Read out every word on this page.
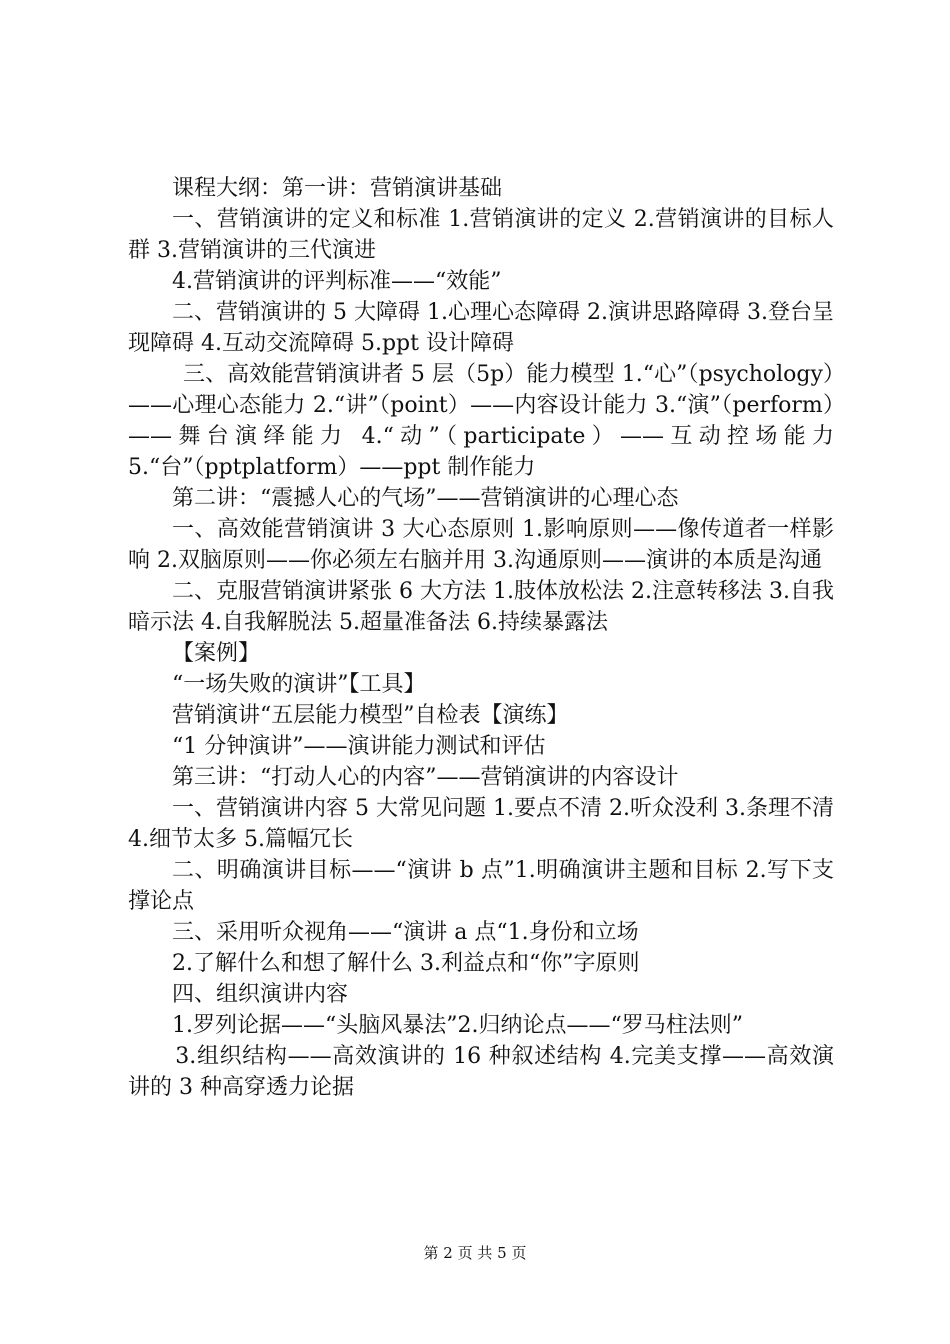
课程大纲：第一讲：营销演讲基础

一、营销演讲的定义和标准 1.营销演讲的定义 2.营销演讲的目标人群 3.营销演讲的三代演进

4.营销演讲的评判标准——“效能”

二、营销演讲的 5 大障碍 1.心理心态障碍 2.演讲思路障碍 3.登台呈现障碍 4.互动交流障碍 5.ppt 设计障碍

三、高效能营销演讲者 5 层（5p）能力模型 1.“心”（psychology）——心理心态能力 2.“讲”（point）——内容设计能力 3.“演”（perform）——舞台演绎能力 4.“动”（participate）——互动控场能力 5.“台”（pptplatform）——ppt 制作能力

第二讲：“震撼人心的气场”——营销演讲的心理心态

一、高效能营销演讲 3 大心态原则 1.影响原则——像传道者一样影响 2.双脑原则——你必须左右脑并用 3.沟通原则——演讲的本质是沟通

二、克服营销演讲紧张 6 大方法 1.肢体放松法 2.注意转移法 3.自我暗示法 4.自我解脱法 5.超量准备法 6.持续暴露法

【案例】

“一场失败的演讲”【工具】

营销演讲“五层能力模型”自检表【演练】

“1 分钟演讲”——演讲能力测试和评估

第三讲：“打动人心的内容”——营销演讲的内容设计

一、营销演讲内容 5 大常见问题 1.要点不清 2.听众没利 3.条理不清 4.细节太多 5.篇幅冗长

二、明确演讲目标——“演讲 b 点”1.明确演讲主题和目标 2.写下支撑论点

三、采用听众视角——“演讲 a 点“1.身份和立场

2.了解什么和想了解什么 3.利益点和“你”字原则

四、组织演讲内容

1.罗列论据——“头脑风暴法”2.归纳论点——“罗马柱法则”

3.组织结构——高效演讲的 16 种叙述结构 4.完美支撑——高效演讲的 3 种高穿透力论据

第 2 页 共 5 页
